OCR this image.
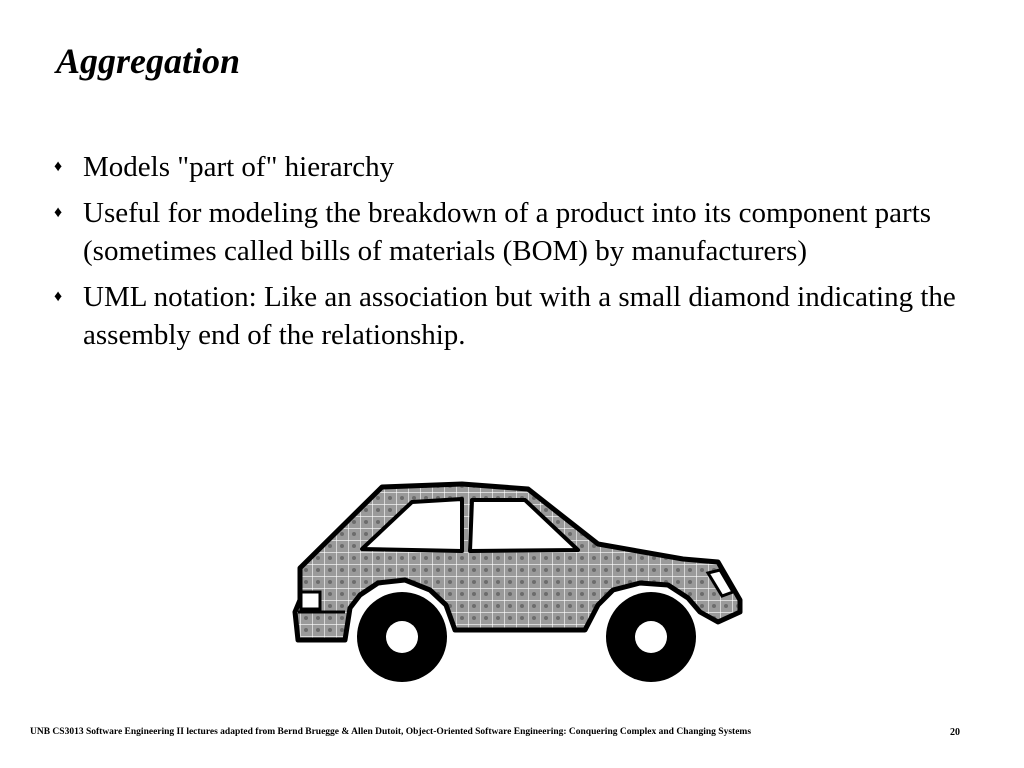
Aggregation
♦ Models "part of" hierarchy
♦ Useful for modeling the breakdown of a product into its component parts (sometimes called bills of materials (BOM) by manufacturers)
♦ UML notation: Like an association but with a small diamond indicating the assembly end of the relationship.
UNB CS3013 Software Engineering II lectures adapted from Bernd Bruegge & Allen Dutoit, Object-Oriented Software Engineering: Conquering Complex and Changing Systems	20
